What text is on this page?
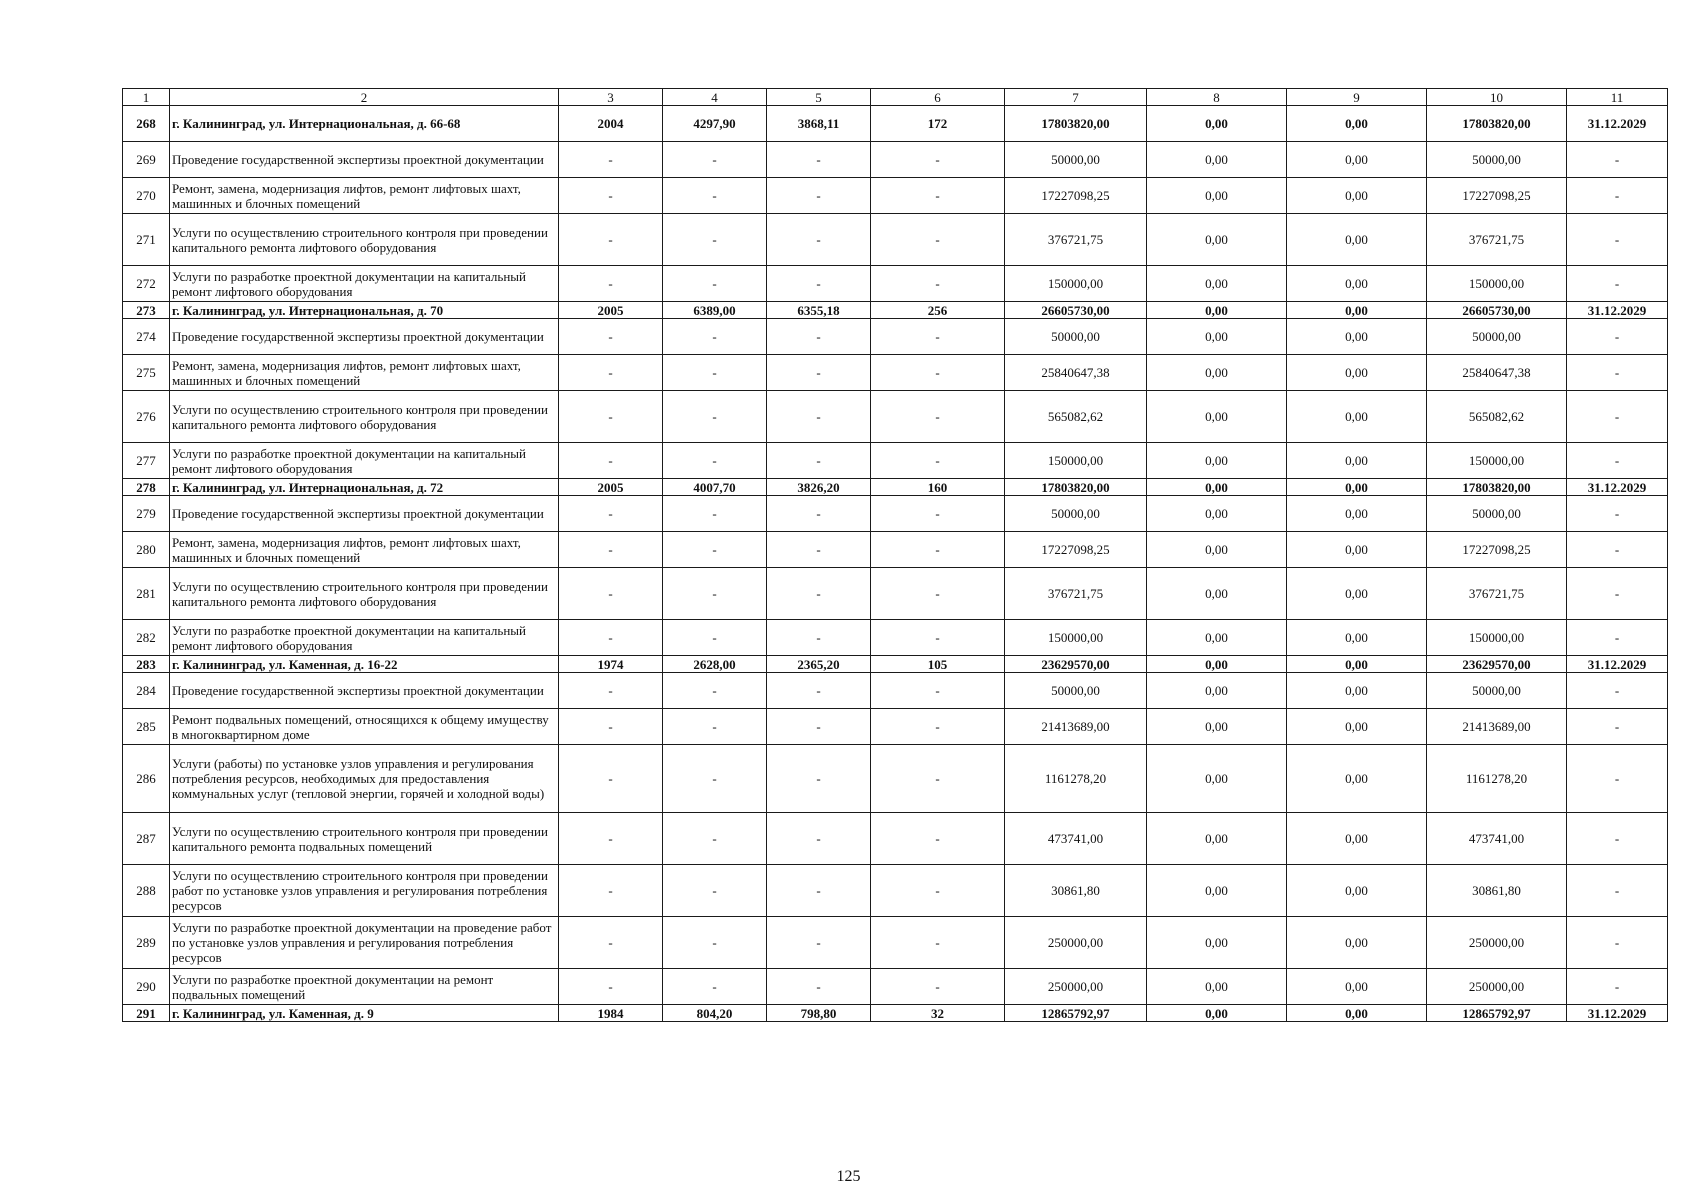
1	2	3	4	5	6	7	8	9	10	11
268	г. Калининград, ул. Интернациональная, д. 66-68	2004	4297,90	3868,11	172	17803820,00	0,00	0,00	17803820,00	31.12.2029
269	Проведение государственной экспертизы проектной документации	-	-	-	-	50000,00	0,00	0,00	50000,00	-
270	Ремонт, замена, модернизация лифтов, ремонт лифтовых шахт, машинных и блочных помещений	-	-	-	-	17227098,25	0,00	0,00	17227098,25	-
271	Услуги по осуществлению строительного контроля при проведении капитального ремонта лифтового оборудования	-	-	-	-	376721,75	0,00	0,00	376721,75	-
272	Услуги по разработке проектной документации на капитальный ремонт лифтового оборудования	-	-	-	-	150000,00	0,00	0,00	150000,00	-
273	г. Калининград, ул. Интернациональная, д. 70	2005	6389,00	6355,18	256	26605730,00	0,00	0,00	26605730,00	31.12.2029
274	Проведение государственной экспертизы проектной документации	-	-	-	-	50000,00	0,00	0,00	50000,00	-
275	Ремонт, замена, модернизация лифтов, ремонт лифтовых шахт, машинных и блочных помещений	-	-	-	-	25840647,38	0,00	0,00	25840647,38	-
276	Услуги по осуществлению строительного контроля при проведении капитального ремонта лифтового оборудования	-	-	-	-	565082,62	0,00	0,00	565082,62	-
277	Услуги по разработке проектной документации на капитальный ремонт лифтового оборудования	-	-	-	-	150000,00	0,00	0,00	150000,00	-
278	г. Калининград, ул. Интернациональная, д. 72	2005	4007,70	3826,20	160	17803820,00	0,00	0,00	17803820,00	31.12.2029
279	Проведение государственной экспертизы проектной документации	-	-	-	-	50000,00	0,00	0,00	50000,00	-
280	Ремонт, замена, модернизация лифтов, ремонт лифтовых шахт, машинных и блочных помещений	-	-	-	-	17227098,25	0,00	0,00	17227098,25	-
281	Услуги по осуществлению строительного контроля при проведении капитального ремонта лифтового оборудования	-	-	-	-	376721,75	0,00	0,00	376721,75	-
282	Услуги по разработке проектной документации на капитальный ремонт лифтового оборудования	-	-	-	-	150000,00	0,00	0,00	150000,00	-
283	г. Калининград, ул. Каменная, д. 16-22	1974	2628,00	2365,20	105	23629570,00	0,00	0,00	23629570,00	31.12.2029
284	Проведение государственной экспертизы проектной документации	-	-	-	-	50000,00	0,00	0,00	50000,00	-
285	Ремонт подвальных помещений, относящихся к общему имуществу в многоквартирном доме	-	-	-	-	21413689,00	0,00	0,00	21413689,00	-
286	Услуги (работы) по установке узлов управления и регулирования потребления ресурсов, необходимых для предоставления коммунальных услуг (тепловой энергии, горячей и холодной воды)	-	-	-	-	1161278,20	0,00	0,00	1161278,20	-
287	Услуги по осуществлению строительного контроля при проведении капитального ремонта подвальных помещений	-	-	-	-	473741,00	0,00	0,00	473741,00	-
288	Услуги по осуществлению строительного контроля при проведении работ по установке узлов управления и регулирования потребления ресурсов	-	-	-	-	30861,80	0,00	0,00	30861,80	-
289	Услуги по разработке проектной документации на проведение работ по установке узлов управления и регулирования потребления ресурсов	-	-	-	-	250000,00	0,00	0,00	250000,00	-
290	Услуги по разработке проектной документации на ремонт подвальных помещений	-	-	-	-	250000,00	0,00	0,00	250000,00	-
291	г. Калининград, ул. Каменная, д. 9	1984	804,20	798,80	32	12865792,97	0,00	0,00	12865792,97	31.12.2029
125
